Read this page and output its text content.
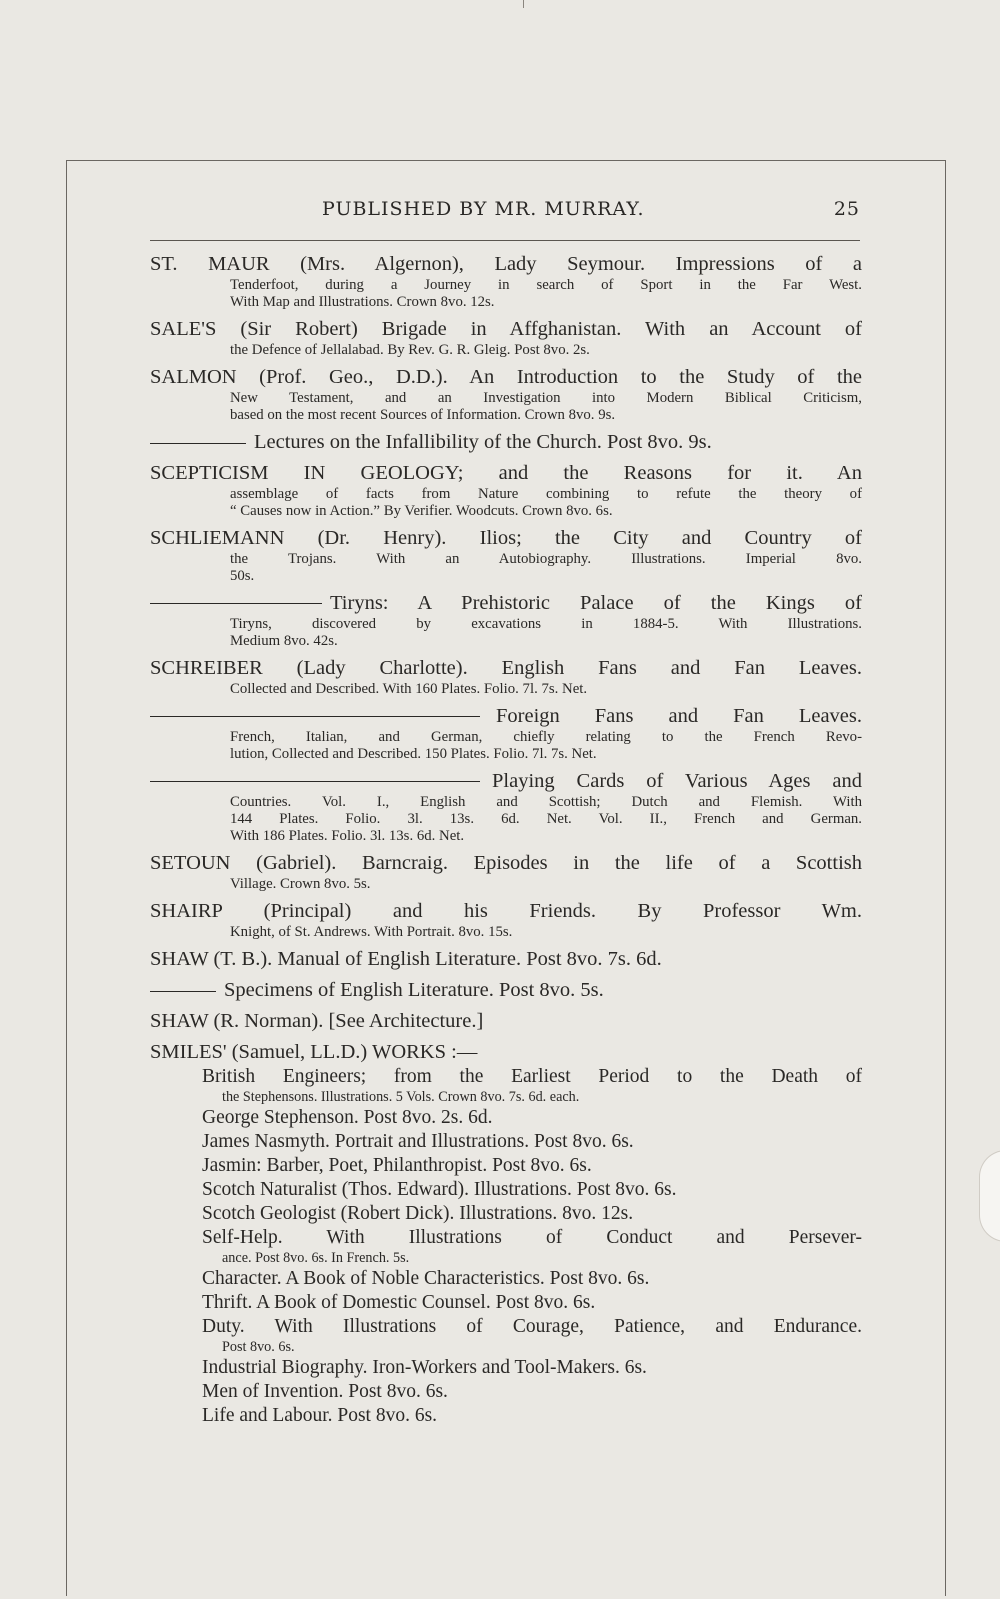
PUBLISHED BY MR. MURRAY.	25
ST. MAUR (Mrs. Algernon), Lady Seymour. Impressions of a
Tenderfoot, during a Journey in search of Sport in the Far West.
With Map and Illustrations. Crown 8vo. 12s.
SALE'S (Sir Robert) Brigade in Affghanistan. With an Account of
the Defence of Jellalabad. By Rev. G. R. Gleig. Post 8vo. 2s.
SALMON (Prof. Geo., D.D.). An Introduction to the Study of the
New Testament, and an Investigation into Modern Biblical Criticism,
based on the most recent Sources of Information. Crown 8vo. 9s.
Lectures on the Infallibility of the Church. Post 8vo. 9s.
SCEPTICISM IN GEOLOGY; and the Reasons for it. An
assemblage of facts from Nature combining to refute the theory of
“ Causes now in Action.” By Verifier. Woodcuts. Crown 8vo. 6s.
SCHLIEMANN (Dr. Henry). Ilios; the City and Country of
the Trojans. With an Autobiography. Illustrations. Imperial 8vo.
50s.
Tiryns: A Prehistoric Palace of the Kings of
Tiryns, discovered by excavations in 1884-5. With Illustrations.
Medium 8vo. 42s.
SCHREIBER (Lady Charlotte). English Fans and Fan Leaves.
Collected and Described. With 160 Plates. Folio. 7l. 7s. Net.
Foreign Fans and Fan Leaves.
French, Italian, and German, chiefly relating to the French Revo-
lution, Collected and Described. 150 Plates. Folio. 7l. 7s. Net.
Playing Cards of Various Ages and
Countries. Vol. I., English and Scottish; Dutch and Flemish. With
144 Plates. Folio. 3l. 13s. 6d. Net. Vol. II., French and German.
With 186 Plates. Folio. 3l. 13s. 6d. Net.
SETOUN (Gabriel). Barncraig. Episodes in the life of a Scottish
Village. Crown 8vo. 5s.
SHAIRP (Principal) and his Friends. By Professor Wm.
Knight, of St. Andrews. With Portrait. 8vo. 15s.
SHAW (T. B.). Manual of English Literature. Post 8vo. 7s. 6d.
Specimens of English Literature. Post 8vo. 5s.
SHAW (R. Norman). [See Architecture.]
SMILES' (Samuel, LL.D.) WORKS :—
British Engineers; from the Earliest Period to the Death of
the Stephensons. Illustrations. 5 Vols. Crown 8vo. 7s. 6d. each.
George Stephenson. Post 8vo. 2s. 6d.
James Nasmyth. Portrait and Illustrations. Post 8vo. 6s.
Jasmin: Barber, Poet, Philanthropist. Post 8vo. 6s.
Scotch Naturalist (Thos. Edward). Illustrations. Post 8vo. 6s.
Scotch Geologist (Robert Dick). Illustrations. 8vo. 12s.
Self-Help. With Illustrations of Conduct and Persever-
ance. Post 8vo. 6s. In French. 5s.
Character. A Book of Noble Characteristics. Post 8vo. 6s.
Thrift. A Book of Domestic Counsel. Post 8vo. 6s.
Duty. With Illustrations of Courage, Patience, and Endurance.
Post 8vo. 6s.
Industrial Biography. Iron-Workers and Tool-Makers. 6s.
Men of Invention. Post 8vo. 6s.
Life and Labour. Post 8vo. 6s.
